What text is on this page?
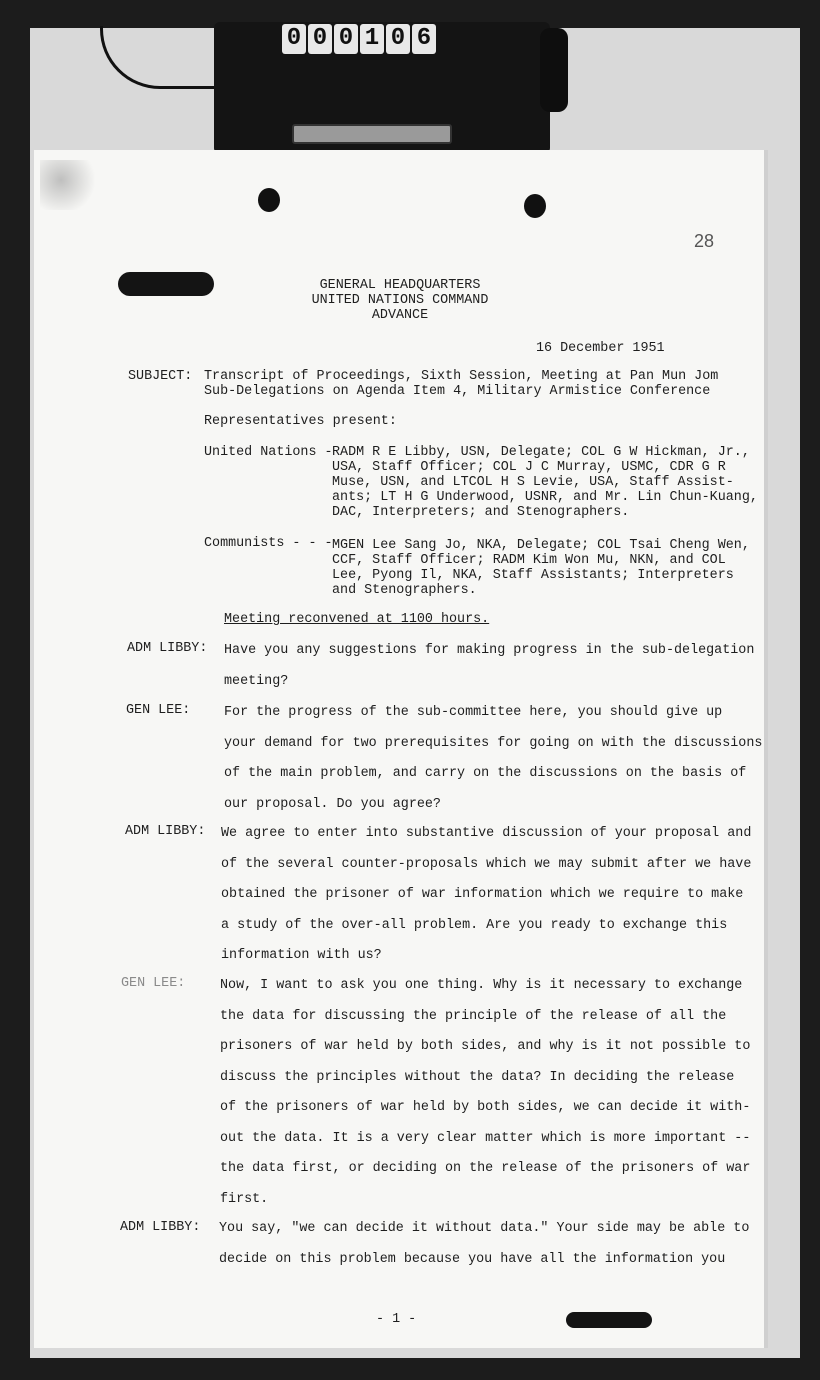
0 0 0 1 0 6
28
GENERAL HEADQUARTERS
UNITED NATIONS COMMAND
ADVANCE
16 December 1951
SUBJECT: Transcript of Proceedings, Sixth Session, Meeting at Pan Mun Jom

Sub-Delegations on Agenda Item 4, Military Armistice Conference

Representatives present:
United Nations - RADM R E Libby, USN, Delegate; COL G W Hickman, Jr.,

USA, Staff Officer; COL J C Murray, USMC, CDR G R

Muse, USN, and LTCOL H S Levie, USA, Staff Assist-

ants; LT H G Underwood, USNR, and Mr. Lin Chun-Kuang,

DAC, Interpreters; and Stenographers.

Communists - - - MGEN Lee Sang Jo, NKA, Delegate; COL Tsai Cheng Wen,

CCF, Staff Officer; RADM Kim Won Mu, NKN, and COL

Lee, Pyong Il, NKA, Staff Assistants; Interpreters

and Stenographers.

Meeting reconvened at 1100 hours.
ADM LIBBY: Have you any suggestions for making progress in the sub-delegation

meeting?

GEN LEE:	For the progress of the sub-committee here, you should give up

your demand for two prerequisites for going on with the discussions

of the main problem, and carry on the discussions on the basis of

our proposal. Do you agree?

ADM LIBBY: We agree to enter into substantive discussion of your proposal and

of the several counter-proposals which we may submit after we have

obtained the prisoner of war information which we require to make

a study of the over-all problem. Are you ready to exchange this

information with us?

GEN LEE:	Now, I want to ask you one thing. Why is it necessary to exchange

the data for discussing the principle of the release of all the

prisoners of war held by both sides, and why is it not possible to

discuss the principles without the data? In deciding the release

of the prisoners of war held by both sides, we can decide it with-

out the data. It is a very clear matter which is more important --

the data first, or deciding on the release of the prisoners of war

first.

ADM LIBBY: You say, "we can decide it without data." Your side may be able to

decide on this problem because you have all the information you

- 1 -
